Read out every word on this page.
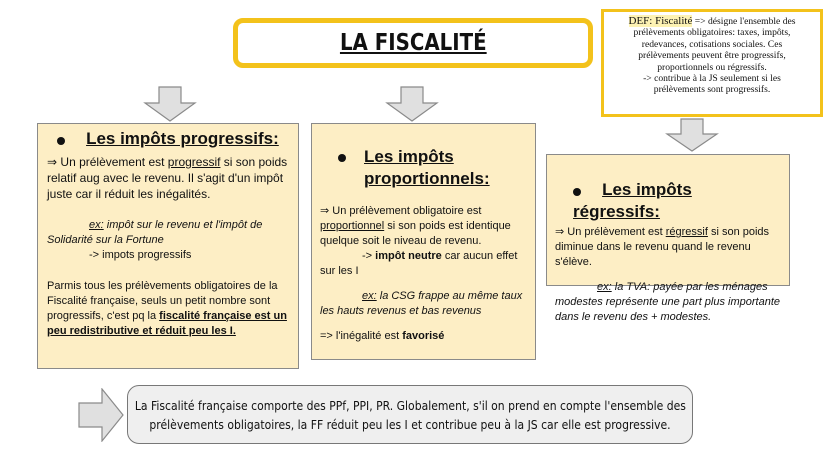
LA FISCALITÉ
DEF: Fiscalité => désigne l'ensemble des
prélèvements obligatoires: taxes, impôts,
redevances, cotisations sociales. Ces
prélèvements peuvent être progressifs,
proportionnels ou régressifs.
-> contribue à la JS seulement si les
prélèvements sont progressifs.
Les impôts progressifs:
⇒ Un prélèvement est progressif si son poids relatif aug avec le revenu. Il s'agit d'un impôt juste car il réduit les inégalités.
ex: impôt sur le revenu et l'impôt de Solidarité sur la Fortune
-> impots progressifs
Parmis tous les prélèvements obligatoires de la Fiscalité française, seuls un petit nombre sont progressifs, c'est pq la fiscalité française est un peu redistributive et réduit peu les I.
Les impôts
proportionnels:
⇒ Un prélèvement obligatoire est proportionnel si son poids est identique quelque soit le niveau de revenu.
-> impôt neutre car aucun effet sur les I
ex: la CSG frappe au même taux les hauts revenus et bas revenus
=> l'inégalité est favorisé
Les impôts régressifs:
⇒ Un prélèvement est régressif si son poids diminue dans le revenu quand le revenu s'élève.
ex: la TVA: payée par les ménages modestes représente une part plus importante dans le revenu des + modestes.
La Fiscalité française comporte des PPf, PPI, PR. Globalement, s'il on prend en compte l'ensemble des
prélèvements obligatoires, la FF réduit peu les I et contribue peu à la JS car elle est progressive.
